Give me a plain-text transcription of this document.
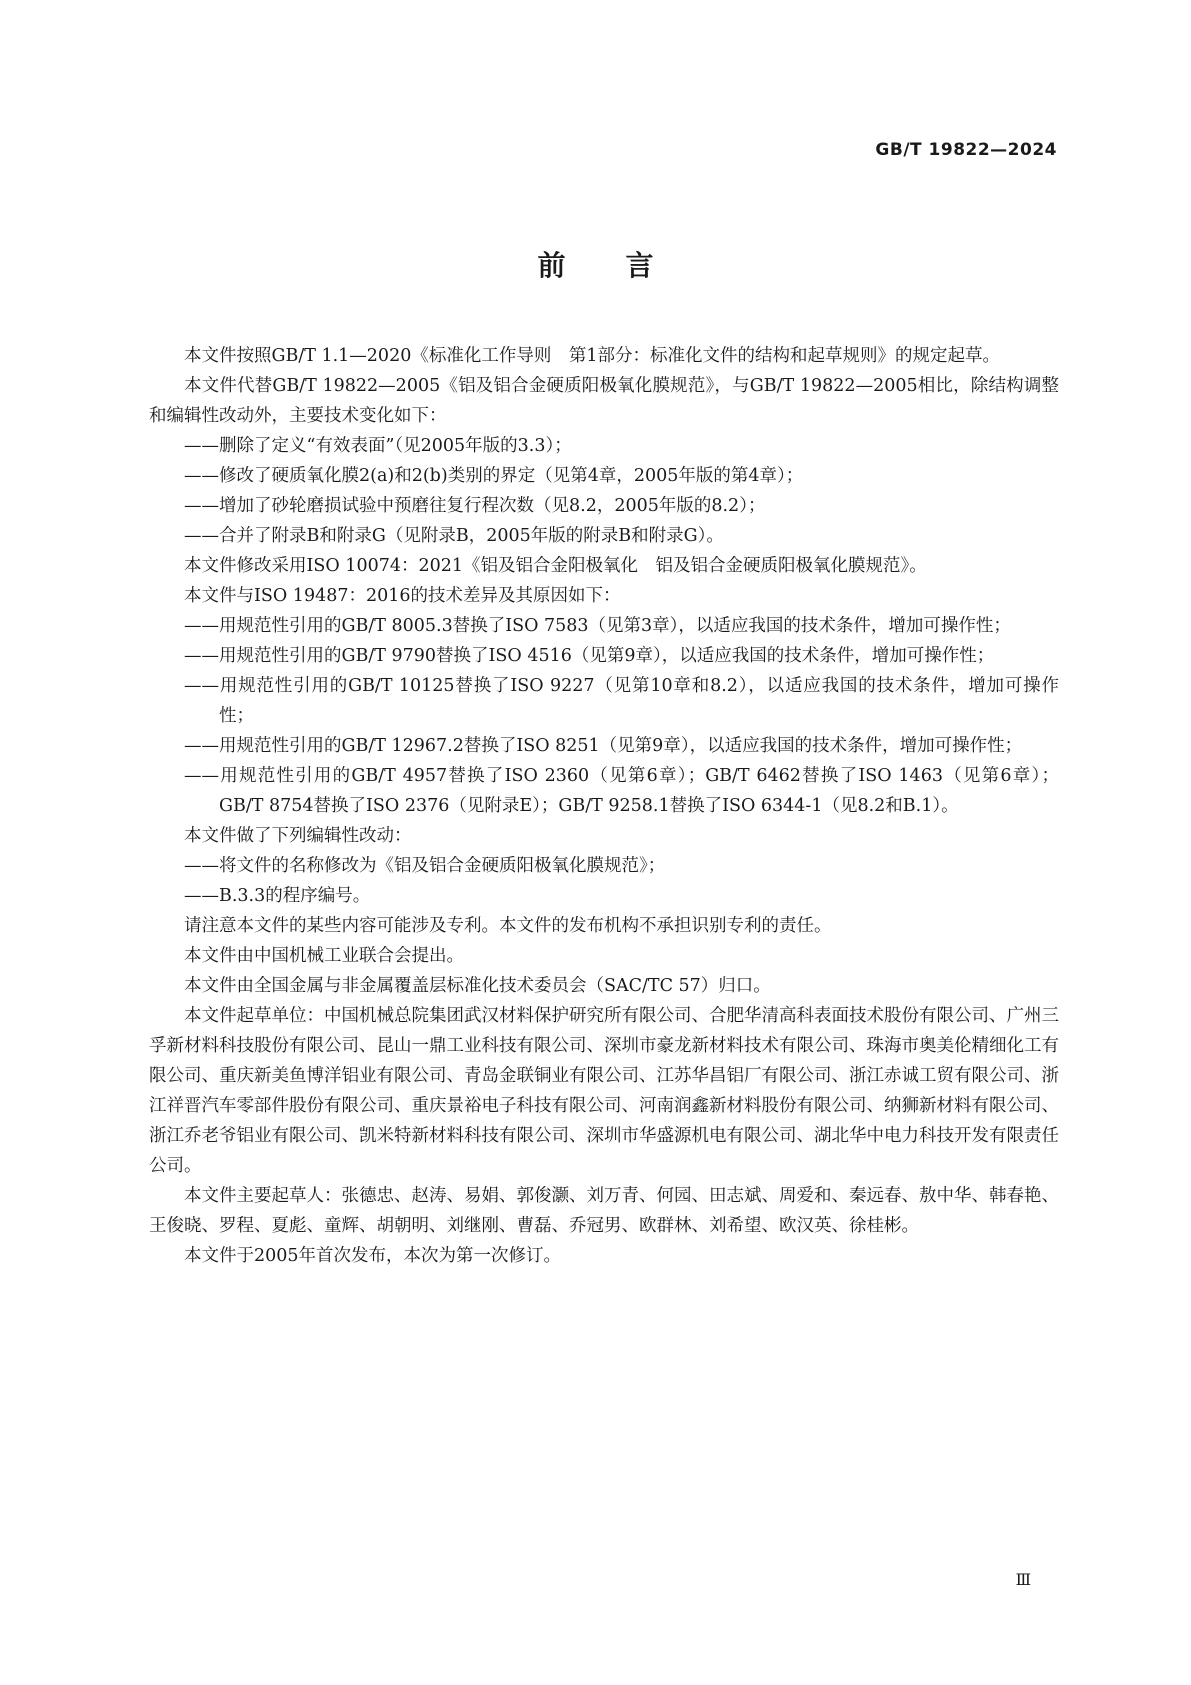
GB/T 19822—2024
前言
本文件按照GB/T 1.1—2020《标准化工作导则　第1部分：标准化文件的结构和起草规则》的规定起草。
本文件代替GB/T 19822—2005《铝及铝合金硬质阳极氧化膜规范》，与GB/T 19822—2005相比，除结构调整和编辑性改动外，主要技术变化如下：
——删除了定义“有效表面”（见2005年版的3.3）；
——修改了硬质氧化膜2(a)和2(b)类别的界定（见第4章，2005年版的第4章）；
——增加了砂轮磨损试验中预磨往复行程次数（见8.2，2005年版的8.2）；
——合并了附录B和附录G（见附录B，2005年版的附录B和附录G）。
本文件修改采用ISO 10074：2021《铝及铝合金阳极氧化　铝及铝合金硬质阳极氧化膜规范》。
本文件与ISO 19487：2016的技术差异及其原因如下：
——用规范性引用的GB/T 8005.3替换了ISO 7583（见第3章），以适应我国的技术条件，增加可操作性；
——用规范性引用的GB/T 9790替换了ISO 4516（见第9章），以适应我国的技术条件，增加可操作性；
——用规范性引用的GB/T 10125替换了ISO 9227（见第10章和8.2），以适应我国的技术条件，增加可操作性；
——用规范性引用的GB/T 12967.2替换了ISO 8251（见第9章），以适应我国的技术条件，增加可操作性；
——用规范性引用的GB/T 4957替换了ISO 2360（见第6章）；GB/T 6462替换了ISO 1463（见第6章）；GB/T 8754替换了ISO 2376（见附录E）；GB/T 9258.1替换了ISO 6344-1（见8.2和B.1）。
本文件做了下列编辑性改动：
——将文件的名称修改为《铝及铝合金硬质阳极氧化膜规范》；
——B.3.3的程序编号。
请注意本文件的某些内容可能涉及专利。本文件的发布机构不承担识别专利的责任。
本文件由中国机械工业联合会提出。
本文件由全国金属与非金属覆盖层标准化技术委员会（SAC/TC 57）归口。
本文件起草单位：中国机械总院集团武汉材料保护研究所有限公司、合肥华清高科表面技术股份有限公司、广州三孚新材料科技股份有限公司、昆山一鼎工业科技有限公司、深圳市豪龙新材料技术有限公司、珠海市奥美伦精细化工有限公司、重庆新美鱼博洋铝业有限公司、青岛金联铜业有限公司、江苏华昌铝厂有限公司、浙江赤诚工贸有限公司、浙江祥晋汽车零部件股份有限公司、重庆景裕电子科技有限公司、河南润鑫新材料股份有限公司、纳狮新材料有限公司、浙江乔老爷铝业有限公司、凯米特新材料科技有限公司、深圳市华盛源机电有限公司、湖北华中电力科技开发有限责任公司。
本文件主要起草人：张德忠、赵涛、易娟、郭俊灏、刘万青、何园、田志斌、周爱和、秦远春、敖中华、韩春艳、王俊晓、罗程、夏彪、童辉、胡朝明、刘继刚、曹磊、乔冠男、欧群林、刘希望、欧汉英、徐桂彬。
本文件于2005年首次发布，本次为第一次修订。
Ⅲ
